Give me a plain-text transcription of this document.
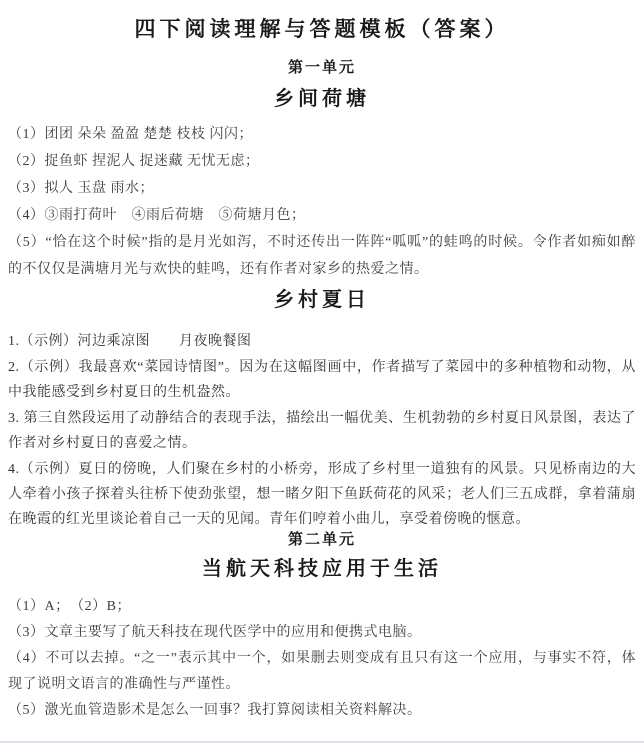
四下阅读理解与答题模板（答案）
第一单元
乡间荷塘

（1）团团 朵朵 盈盈 楚楚 枝枝 闪闪；

（2）捉鱼虾 捏泥人 捉迷藏 无忧无虑；

（3）拟人 玉盘 雨水；

（4）③雨打荷叶　④雨后荷塘　⑤荷塘月色；

（5）“恰在这个时候”指的是月光如泻，不时还传出一阵阵“呱呱”的蛙鸣的时候。令作者如痴如醉的不仅仅是满塘月光与欢快的蛙鸣，还有作者对家乡的热爱之情。

乡村夏日

1.（示例）河边乘凉图　　月夜晚餐图

2.（示例）我最喜欢“菜园诗情图”。因为在这幅图画中，作者描写了菜园中的多种植物和动物，从中我能感受到乡村夏日的生机盎然。

3. 第三自然段运用了动静结合的表现手法，描绘出一幅优美、生机勃勃的乡村夏日风景图，表达了作者对乡村夏日的喜爱之情。

4.（示例）夏日的傍晚，人们聚在乡村的小桥旁，形成了乡村里一道独有的风景。只见桥南边的大人牵着小孩子探着头往桥下使劲张望，想一睹夕阳下鱼跃荷花的风采；老人们三五成群，拿着蒲扇在晚霞的红光里谈论着自己一天的见闻。青年们哼着小曲儿，享受着傍晚的惬意。

第二单元
当航天科技应用于生活

（1）A；　（2）B；

（3）文章主要写了航天科技在现代医学中的应用和便携式电脑。

（4）不可以去掉。“之一”表示其中一个，如果删去则变成有且只有这一个应用，与事实不符，体现了说明文语言的准确性与严谨性。

（5）激光血管造影术是怎么一回事？我打算阅读相关资料解决。
